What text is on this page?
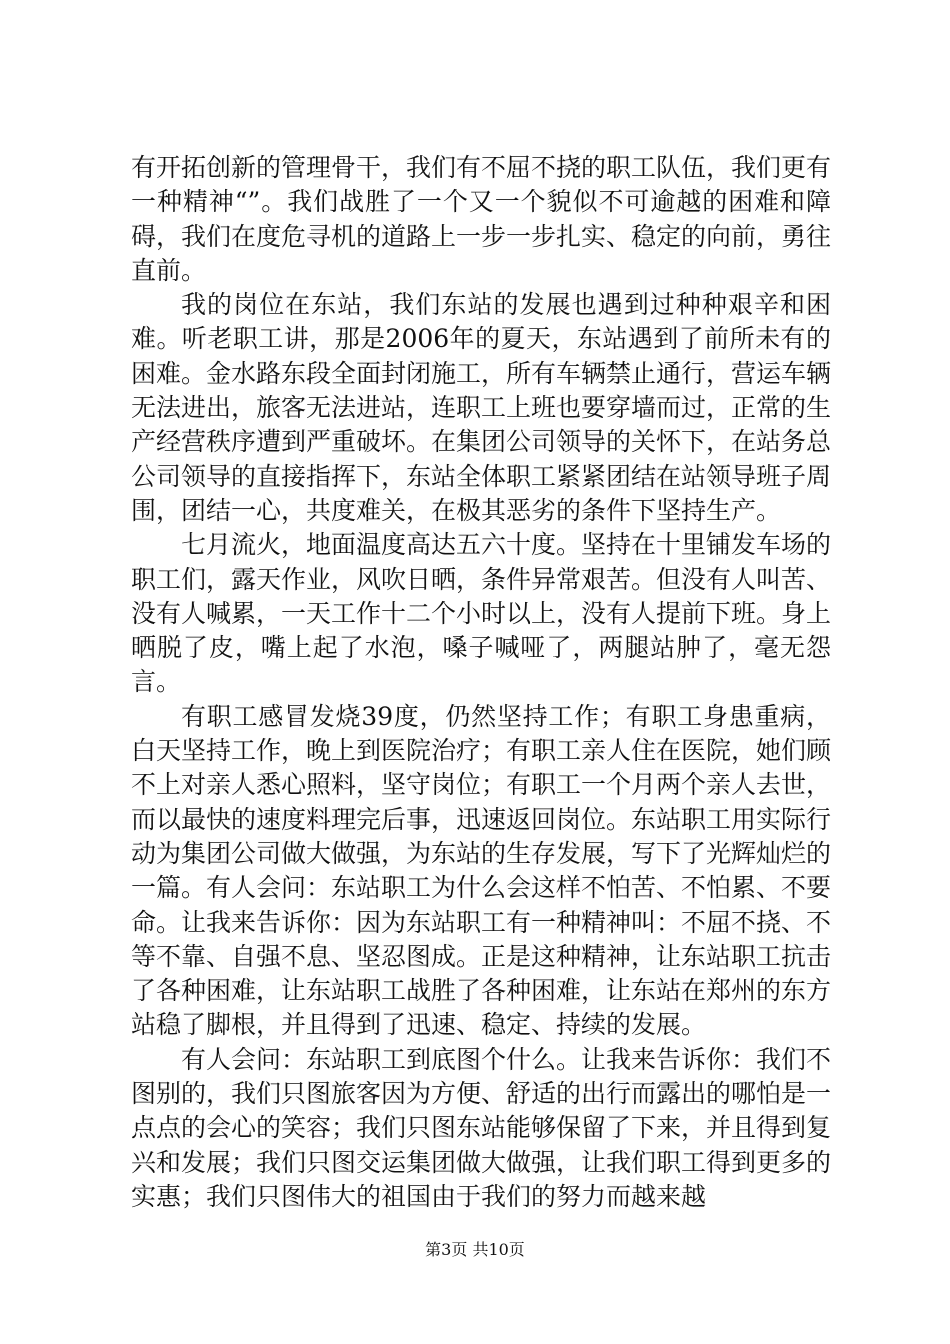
有开拓创新的管理骨干，我们有不屈不挠的职工队伍，我们更有一种精神“”。我们战胜了一个又一个貌似不可逾越的困难和障碍，我们在度危寻机的道路上一步一步扎实、稳定的向前，勇往直前。

我的岗位在东站，我们东站的发展也遇到过种种艰辛和困难。听老职工讲，那是2006年的夏天，东站遇到了前所未有的困难。金水路东段全面封闭施工，所有车辆禁止通行，营运车辆无法进出，旅客无法进站，连职工上班也要穿墙而过，正常的生产经营秩序遭到严重破坏。在集团公司领导的关怀下，在站务总公司领导的直接指挥下，东站全体职工紧紧团结在站领导班子周围，团结一心，共度难关，在极其恶劣的条件下坚持生产。

七月流火，地面温度高达五六十度。坚持在十里铺发车场的职工们，露天作业，风吹日晒，条件异常艰苦。但没有人叫苦、没有人喊累，一天工作十二个小时以上，没有人提前下班。身上晒脱了皮，嘴上起了水泡，嗓子喊哑了，两腿站肿了，毫无怨言。

有职工感冒发烧39度，仍然坚持工作；有职工身患重病，白天坚持工作，晚上到医院治疗；有职工亲人住在医院，她们顾不上对亲人悉心照料，坚守岗位；有职工一个月两个亲人去世，而以最快的速度料理完后事，迅速返回岗位。东站职工用实际行动为集团公司做大做强，为东站的生存发展，写下了光辉灿烂的一篇。有人会问：东站职工为什么会这样不怕苦、不怕累、不要命。让我来告诉你：因为东站职工有一种精神叫：不屈不挠、不等不靠、自强不息、坚忍图成。正是这种精神，让东站职工抗击了各种困难，让东站职工战胜了各种困难，让东站在郑州的东方站稳了脚根，并且得到了迅速、稳定、持续的发展。

有人会问：东站职工到底图个什么。让我来告诉你：我们不图别的，我们只图旅客因为方便、舒适的出行而露出的哪怕是一点点的会心的笑容；我们只图东站能够保留了下来，并且得到复兴和发展；我们只图交运集团做大做强，让我们职工得到更多的实惠；我们只图伟大的祖国由于我们的努力而越来越

第3页 共10页
